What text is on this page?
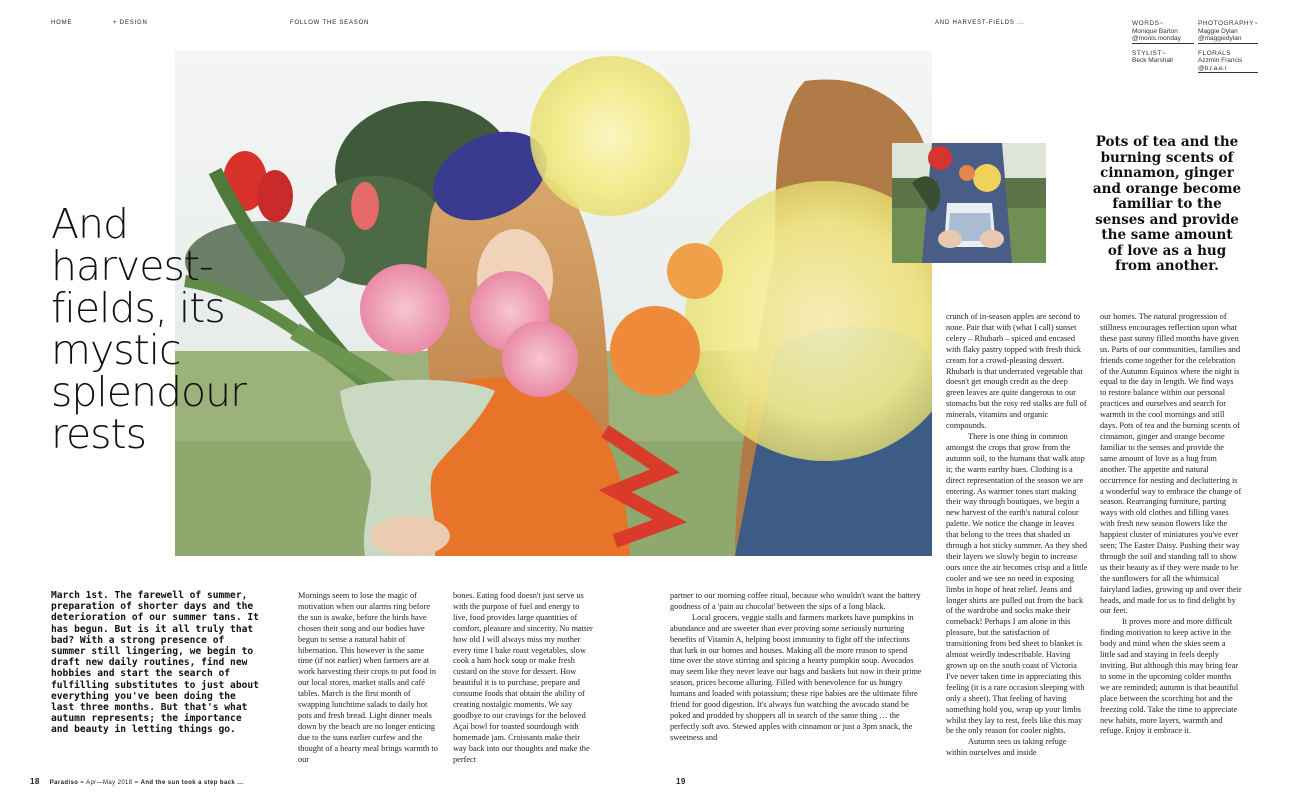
HOME	+ DESIGN	FOLLOW THE SEASON	AND HARVEST-FIELDS ...	WORDS~
Monique Barton
@monis.monday
STYLIST~
Beck Marshall
PHOTOGRAPHY~
Maggie Dylan
@maggiedylan
FLORALS
Azzmin Francis
@b.r.a.e.r
And
harvest-
fields, its
mystic
splendour
rests
Pots of tea and the burning scents of cinnamon, ginger and orange become familiar to the senses and provide the same amount of love as a hug from another.
March 1st. The farewell of summer, preparation of shorter days and the deterioration of our summer tans. It has begun. But is it all truly that bad? With a strong presence of summer still lingering, we begin to draft new daily routines, find new hobbies and start the search of fulfilling substitutes to just about everything you've been doing the last three months. But that's what autumn represents; the importance and beauty in letting things go.

Mornings seem to lose the magic of motivation when our alarms ring before the sun is awake, before the birds have chosen their song and our bodies have begun to sense a natural habit of hibernation. This however is the same time (if not earlier) when farmers are at work harvesting their crops to put food in our local stores, market stalls and café tables. March is the first month of swapping lunchtime salads to daily hot pots and fresh bread. Light dinner meals down by the beach are no longer enticing due to the suns earlier curfew and the thought of a hearty meal brings warmth to our

bones. Eating food doesn't just serve us with the purpose of fuel and energy to live, food provides large quantities of comfort, pleasure and sincerity. No matter how old I will always miss my mother every time I bake roast vegetables, slow cook a ham hock soup or make fresh custard on the stove for dessert. How beautiful it is to purchase, prepare and consume foods that obtain the ability of creating nostalgic moments. We say goodbye to our cravings for the beloved Açaí bowl for toasted sourdough with homemade jam. Croissants make their way back into our thoughts and make the perfect

partner to our morning coffee ritual, because who wouldn't want the battery goodness of a 'pain au chocolat' between the sips of a long black.

Local grocers, veggie stalls and farmers markets have pumpkins in abundance and are sweeter than ever proving some seriously nurturing benefits of Vitamin A, helping boost immunity to fight off the infections that lurk in our homes and houses. Making all the more reason to spend time over the stove stirring and spicing a hearty pumpkin soup. Avocados may seem like they never leave our bags and baskets but now in their prime season, prices become alluring. Filled with benevolence for us hungry humans and loaded with potassium; these ripe babies are the ultimate fibre friend for good digestion. It's always fun watching the avocado stand be poked and prodded by shoppers all in search of the same thing … the perfectly soft avo. Stewed apples with cinnamon or just a 3pm snack, the sweetness and

crunch of in-season apples are second to none. Pair that with (what I call) sunset celery – Rhubarb – spiced and encased with flaky pastry topped with fresh thick cream for a crowd-pleasing dessert. Rhubarb is that underrated vegetable that doesn't get enough credit as the deep green leaves are quite dangerous to our stomachs but the rosy red stalks are full of minerals, vitamins and organic compounds.

There is one thing in common amongst the crops that grow from the autumn soil, to the humans that walk atop it; the warm earthy hues. Clothing is a direct representation of the season we are entering. As warmer tones start making their way through boutiques, we begin a new harvest of the earth's natural colour palette. We notice the change in leaves that belong to the trees that shaded us through a hot sticky summer. As they shed their layers we slowly begin to increase ours once the air becomes crisp and a little cooler and we see no need in exposing limbs in hope of heat relief. Jeans and longer shirts are pulled out from the back of the wardrobe and socks make their comeback! Perhaps I am alone in this pleasure, but the satisfaction of transitioning from bed sheet to blanket is almost weirdly indescribable. Having grown up on the south coast of Victoria I've never taken time in appreciating this feeling (it is a rare occasion sleeping with only a sheet). That feeling of having something hold you, wrap up your limbs whilst they lay to rest, feels like this may be the only reason for cooler nights.

Autumn sees us taking refuge within ourselves and inside

our homes. The natural progression of stillness encourages reflection upon what these past sunny filled months have given us. Parts of our communities, families and friends come together for the celebration of the Autumn Equinox where the night is equal to the day in length. We find ways to restore balance within our personal practices and ourselves and search for warmth in the cool mornings and still days. Pots of tea and the burning scents of cinnamon, ginger and orange become familiar to the senses and provide the same amount of love as a hug from another. The appetite and natural occurrence for nesting and decluttering is a wonderful way to embrace the change of season. Rearranging furniture, parting ways with old clothes and filling vases with fresh new season flowers like the happiest cluster of miniatures you've ever seen; The Easter Daisy. Pushing their way through the soil and standing tall to show us their beauty as if they were made to be the sunflowers for all the whimsical fairyland ladies, growing up and over their heads, and made for us to find delight by our feet.

It proves more and more difficult finding motivation to keep active in the body and mind when the skies seem a little sad and staying in feels deeply inviting. But although this may bring fear to some in the upcoming colder months we are reminded; autumn is that beautiful place between the scorching hot and the freezing cold. Take the time to appreciate new habits, more layers, warmth and refuge. Enjoy it embrace it.

18 Paradiso = Apr—May 2018 = And the sun took a step back ...	19
